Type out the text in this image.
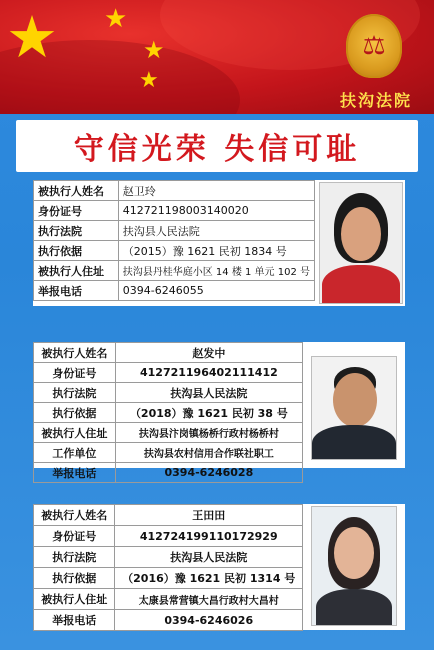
★ ★
★
★
⚖
扶沟法院
守信光荣 失信可耻
被执行人姓名	赵卫玲
身份证号	412721198003140020
执行法院	扶沟县人民法院
执行依据	（2015）豫 1621 民初 1834 号
被执行人住址	扶沟县丹桂华庭小区 14 楼 1 单元 102 号
举报电话	0394-6246055
被执行人姓名	赵发中
身份证号	412721196402111412
执行法院	扶沟县人民法院
执行依据	（2018）豫 1621 民初 38 号
被执行人住址	扶沟县汴岗镇杨桥行政村杨桥村
工作单位	扶沟县农村信用合作联社职工
举报电话	0394-6246028
被执行人姓名	王田田
身份证号	412724199110172929
执行法院	扶沟县人民法院
执行依据	（2016）豫 1621 民初 1314 号
被执行人住址	太康县常营镇大昌行政村大昌村
举报电话	0394-6246026
